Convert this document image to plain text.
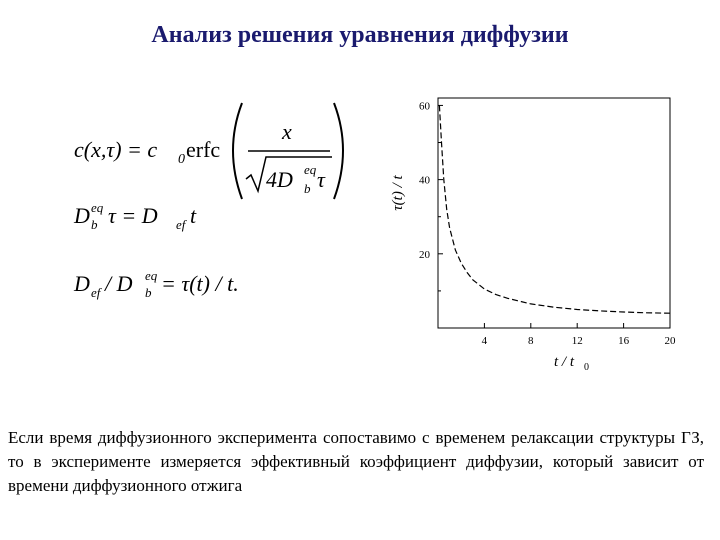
Анализ решения уравнения диффузии
c(x,τ) = c 0 erfc
x
4D eq
b τ
D eq
b τ = D ef t
D ef / D eq
b = τ(t) / t.
4	8	12	16	20
20
40
60
τ(t) / t
t / t 0
Если время диффузионного эксперимента сопоставимо с временем релаксации структуры ГЗ, то в эксперименте измеряется эффективный коэффициент диффузии, который зависит от времени диффузионного отжига
